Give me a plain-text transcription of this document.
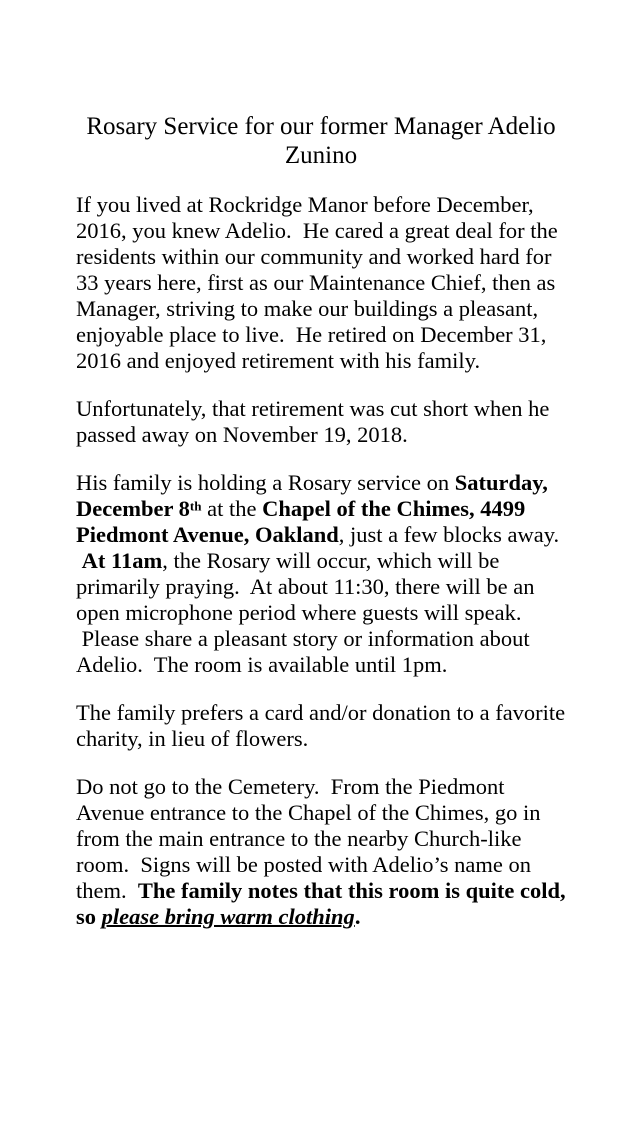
Rosary Service for our former Manager Adelio
Zunino
If you lived at Rockridge Manor before December,
2016, you knew Adelio.  He cared a great deal for the
residents within our community and worked hard for
33 years here, first as our Maintenance Chief, then as
Manager, striving to make our buildings a pleasant,
enjoyable place to live.  He retired on December 31,
2016 and enjoyed retirement with his family.
Unfortunately, that retirement was cut short when he
passed away on November 19, 2018.
His family is holding a Rosary service on Saturday,
December 8th at the Chapel of the Chimes, 4499
Piedmont Avenue, Oakland, just a few blocks away.
At 11am, the Rosary will occur, which will be
primarily praying.  At about 11:30, there will be an
open microphone period where guests will speak.
Please share a pleasant story or information about
Adelio.  The room is available until 1pm.
The family prefers a card and/or donation to a favorite
charity, in lieu of flowers.
Do not go to the Cemetery.  From the Piedmont
Avenue entrance to the Chapel of the Chimes, go in
from the main entrance to the nearby Church-like
room.  Signs will be posted with Adelio’s name on
them.  The family notes that this room is quite cold,
so please bring warm clothing.
